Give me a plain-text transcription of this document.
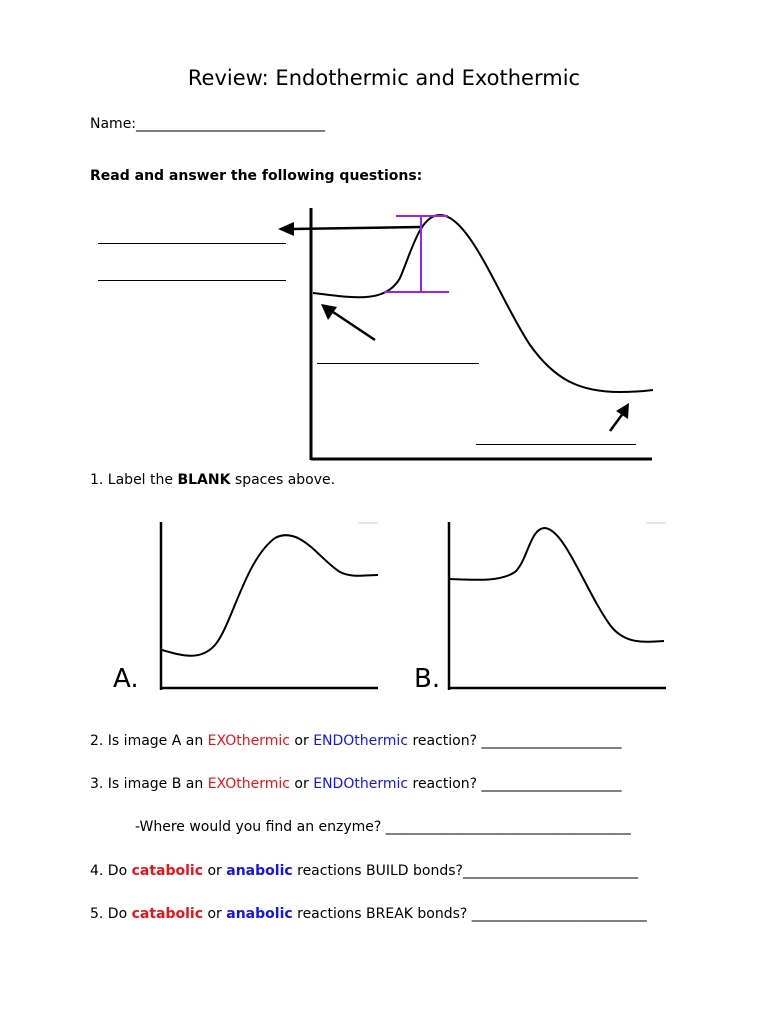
Review: Endothermic and Exothermic
Name:___________________________
Read and answer the following questions:
1. Label the BLANK spaces above.
A.	B.
2. Is image A an EXOthermic or ENDOthermic reaction? ____________________
3. Is image B an EXOthermic or ENDOthermic reaction? ____________________
-Where would you find an enzyme? ___________________________________
4. Do catabolic or anabolic reactions BUILD bonds?_________________________
5. Do catabolic or anabolic reactions BREAK bonds? _________________________
